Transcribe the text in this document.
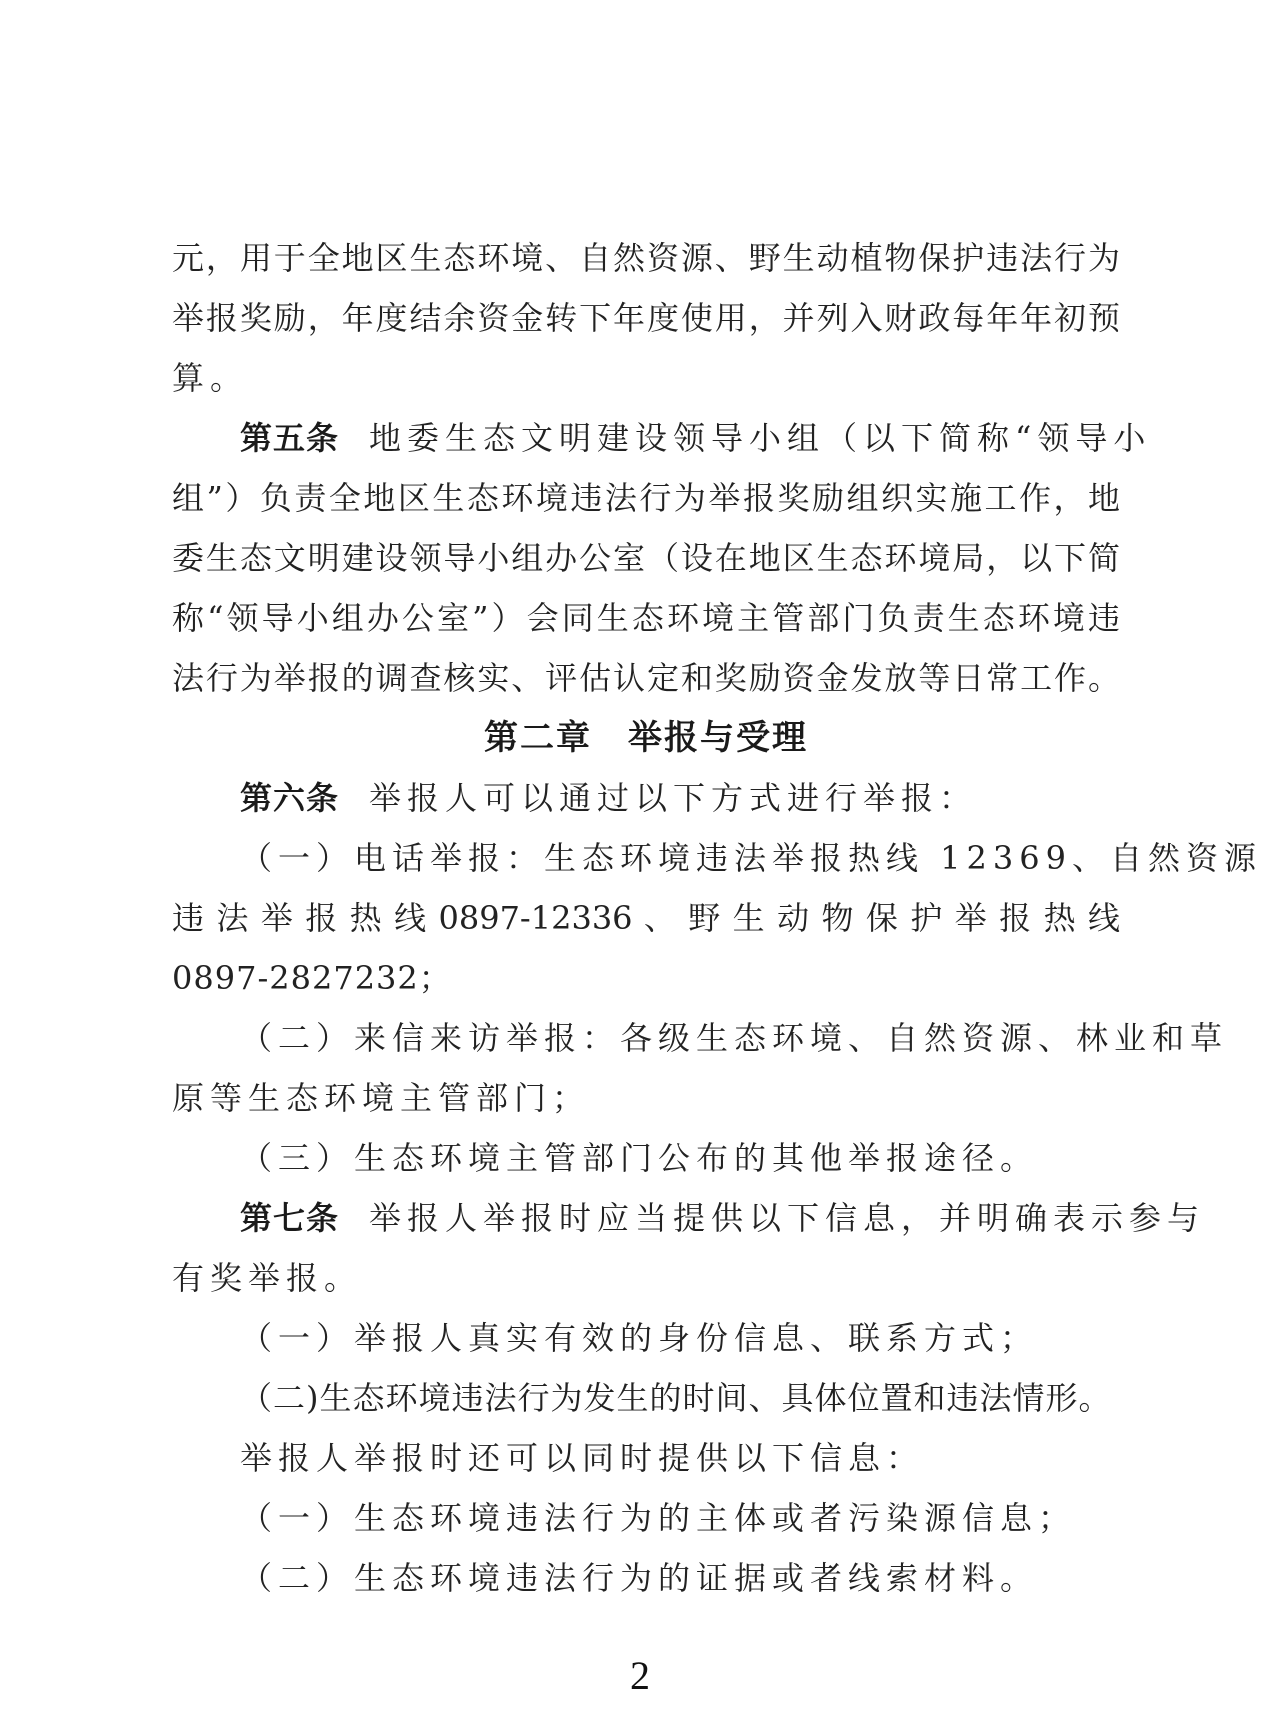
元，用于全地区生态环境、自然资源、野生动植物保护违法行为
举报奖励，年度结余资金转下年度使用，并列入财政每年年初预
算。
第五条 地委生态文明建设领导小组（以下简称“领导小
组”）负责全地区生态环境违法行为举报奖励组织实施工作，地
委生态文明建设领导小组办公室（设在地区生态环境局，以下简
称“领导小组办公室”）会同生态环境主管部门负责生态环境违
法行为举报的调查核实、评估认定和奖励资金发放等日常工作。
第二章　举报与受理
第六条 举报人可以通过以下方式进行举报：
（一）电话举报：生态环境违法举报热线 12369、自然资源
违 法 举 报 热 线 0897-12336 、 野 生 动 物 保 护 举 报 热 线
0897-2827232；
（二）来信来访举报：各级生态环境、自然资源、林业和草
原等生态环境主管部门；
（三）生态环境主管部门公布的其他举报途径。
第七条 举报人举报时应当提供以下信息，并明确表示参与
有奖举报。
（一）举报人真实有效的身份信息、联系方式；
（二)生态环境违法行为发生的时间、具体位置和违法情形。
举报人举报时还可以同时提供以下信息：
（一）生态环境违法行为的主体或者污染源信息；
（二）生态环境违法行为的证据或者线索材料。
2
